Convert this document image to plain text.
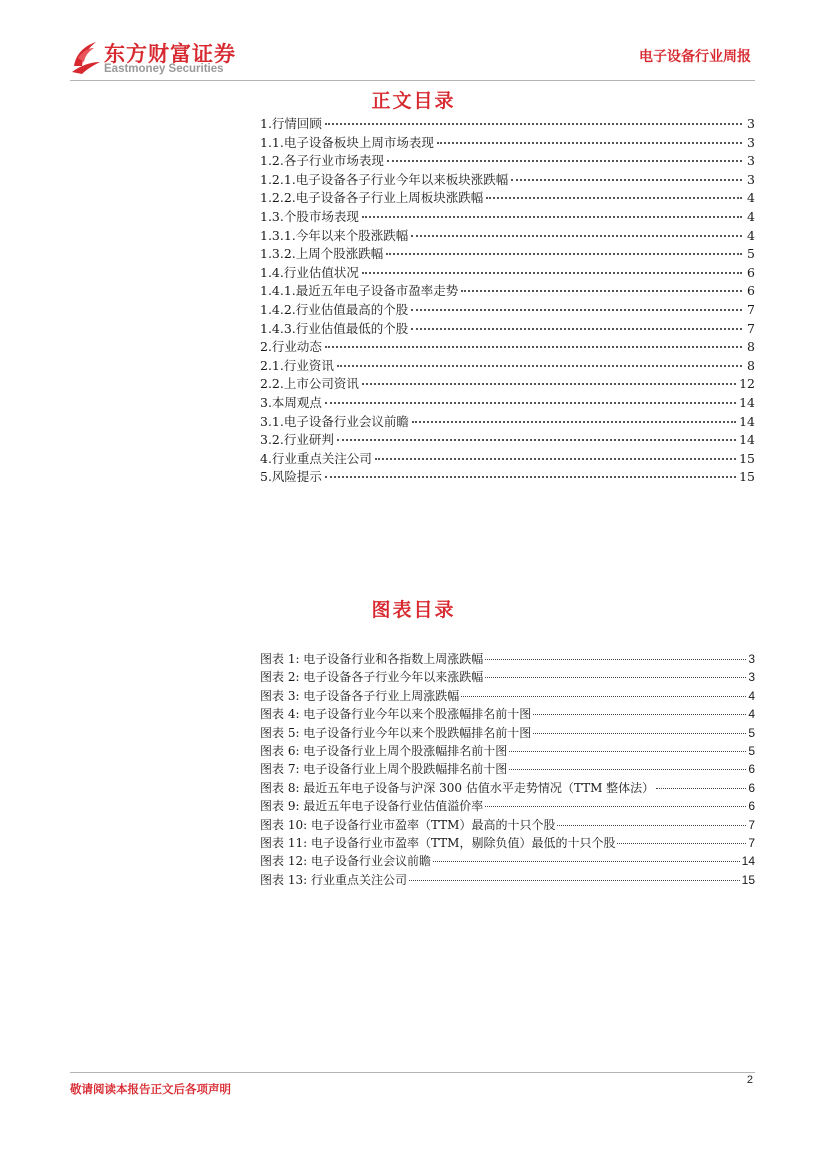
东方财富证券
Eastmoney Securities
电子设备行业周报
正文目录
1.行情回顾	3
1.1.电子设备板块上周市场表现	3
1.2.各子行业市场表现	3
1.2.1.电子设备各子行业今年以来板块涨跌幅	3
1.2.2.电子设备各子行业上周板块涨跌幅	4
1.3.个股市场表现	4
1.3.1.今年以来个股涨跌幅	4
1.3.2.上周个股涨跌幅	5
1.4.行业估值状况	6
1.4.1.最近五年电子设备市盈率走势	6
1.4.2.行业估值最高的个股	7
1.4.3.行业估值最低的个股	7
2.行业动态	8
2.1.行业资讯	8
2.2.上市公司资讯	12
3.本周观点	14
3.1.电子设备行业会议前瞻	14
3.2.行业研判	14
4.行业重点关注公司	15
5.风险提示	15
图表目录
图表 1: 电子设备行业和各指数上周涨跌幅	3
图表 2: 电子设备各子行业今年以来涨跌幅	3
图表 3: 电子设备各子行业上周涨跌幅	4
图表 4: 电子设备行业今年以来个股涨幅排名前十图	4
图表 5: 电子设备行业今年以来个股跌幅排名前十图	5
图表 6: 电子设备行业上周个股涨幅排名前十图	5
图表 7: 电子设备行业上周个股跌幅排名前十图	6
图表 8: 最近五年电子设备与沪深 300 估值水平走势情况（TTM 整体法）	6
图表 9: 最近五年电子设备行业估值溢价率	6
图表 10: 电子设备行业市盈率（TTM）最高的十只个股	7
图表 11: 电子设备行业市盈率（TTM，剔除负值）最低的十只个股	7
图表 12: 电子设备行业会议前瞻	14
图表 13: 行业重点关注公司	15
敬请阅读本报告正文后各项声明
2
